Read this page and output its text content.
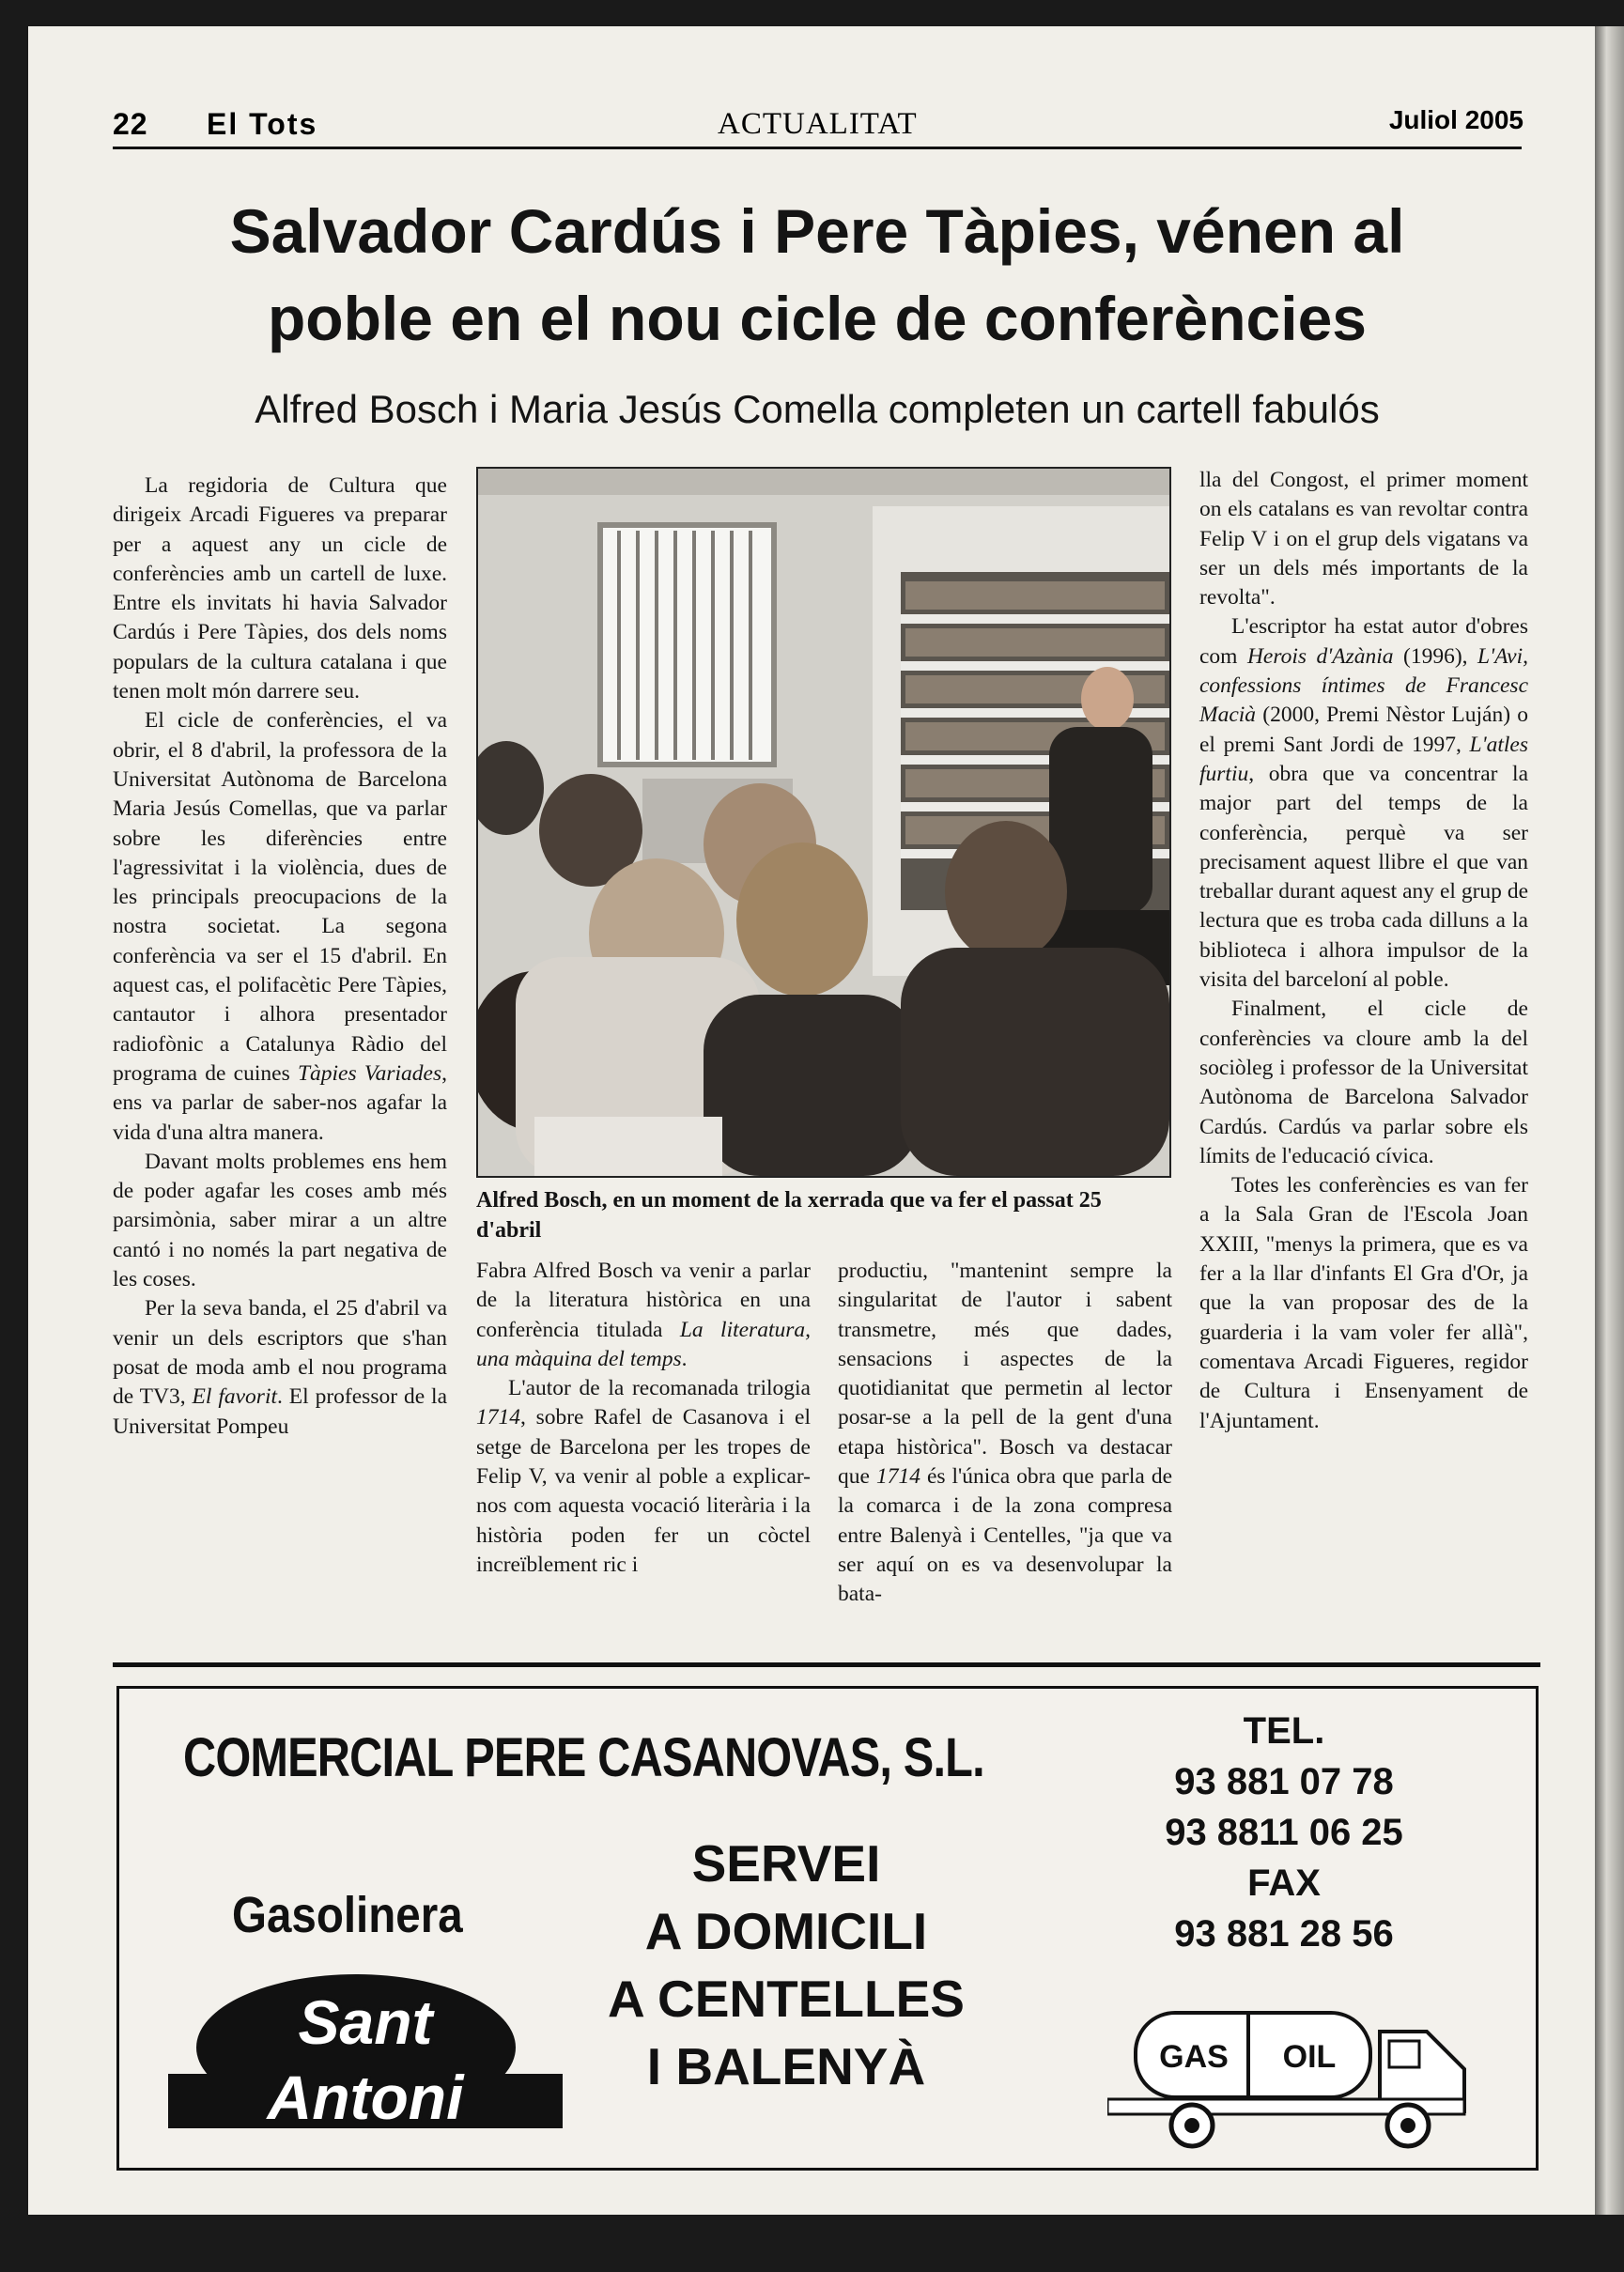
22 El Tots	ACTUALITAT	Juliol 2005
Salvador Cardús i Pere Tàpies, vénen al
poble en el nou cicle de conferències
Alfred Bosch i Maria Jesús Comella completen un cartell fabulós

La regidoria de Cultura que dirigeix Arcadi Figueres va preparar per a aquest any un cicle de conferències amb un cartell de luxe. Entre els invitats hi havia Salvador Cardús i Pere Tàpies, dos dels noms populars de la cultura catalana i que tenen molt món darrere seu.

El cicle de conferències, el va obrir, el 8 d'abril, la professora de la Universitat Autònoma de Barcelona Maria Jesús Comellas, que va parlar sobre les diferències entre l'agressivitat i la violència, dues de les principals preocupacions de la nostra societat. La segona conferència va ser el 15 d'abril. En aquest cas, el polifacètic Pere Tàpies, cantautor i alhora presentador radiofònic a Catalunya Ràdio del programa de cuines Tàpies Variades, ens va parlar de saber-nos agafar la vida d'una altra manera.

Davant molts problemes ens hem de poder agafar les coses amb més parsimònia, saber mirar a un altre cantó i no només la part negativa de les coses.

Per la seva banda, el 25 d'abril va venir un dels escriptors que s'han posat de moda amb el nou programa de TV3, El favorit. El professor de la Universitat Pompeu

Alfred Bosch, en un moment de la xerrada que va fer el passat 25 d'abril

Fabra Alfred Bosch va venir a parlar de la literatura històrica en una conferència titulada La literatura, una màquina del temps.

L'autor de la recomanada trilogia 1714, sobre Rafel de Casanova i el setge de Barcelona per les tropes de Felip V, va venir al poble a explicar-nos com aquesta vocació literària i la història poden fer un còctel increïblement ric i

productiu, "mantenint sempre la singularitat de l'autor i sabent transmetre, més que dades, sensacions i aspectes de la quotidianitat que permetin al lector posar-se a la pell de la gent d'una etapa històrica". Bosch va destacar que 1714 és l'única obra que parla de la comarca i de la zona compresa entre Balenyà i Centelles, "ja que va ser aquí on es va desenvolupar la bata-

lla del Congost, el primer moment on els catalans es van revoltar contra Felip V i on el grup dels vigatans va ser un dels més importants de la revolta".

L'escriptor ha estat autor d'obres com Herois d'Azània (1996), L'Avi, confessions íntimes de Francesc Macià (2000, Premi Nèstor Luján) o el premi Sant Jordi de 1997, L'atles furtiu, obra que va concentrar la major part del temps de la conferència, perquè va ser precisament aquest llibre el que van treballar durant aquest any el grup de lectura que es troba cada dilluns a la biblioteca i alhora impulsor de la visita del barceloní al poble.

Finalment, el cicle de conferències va cloure amb la del sociòleg i professor de la Universitat Autònoma de Barcelona Salvador Cardús. Cardús va parlar sobre els límits de l'educació cívica.

Totes les conferències es van fer a la Sala Gran de l'Escola Joan XXIII, "menys la primera, que es va fer a la llar d'infants El Gra d'Or, ja que la van proposar des de la guarderia i la vam voler fer allà", comentava Arcadi Figueres, regidor de Cultura i Ensenyament de l'Ajuntament.

COMERCIAL PERE CASANOVAS, S.L.
Gasolinera
Sant
Antoni
SERVEI
A DOMICILI
A CENTELLES
I BALENYÀ
TEL.
93 881 07 78
93 8811 06 25
FAX
93 881 28 56
GAS OIL
